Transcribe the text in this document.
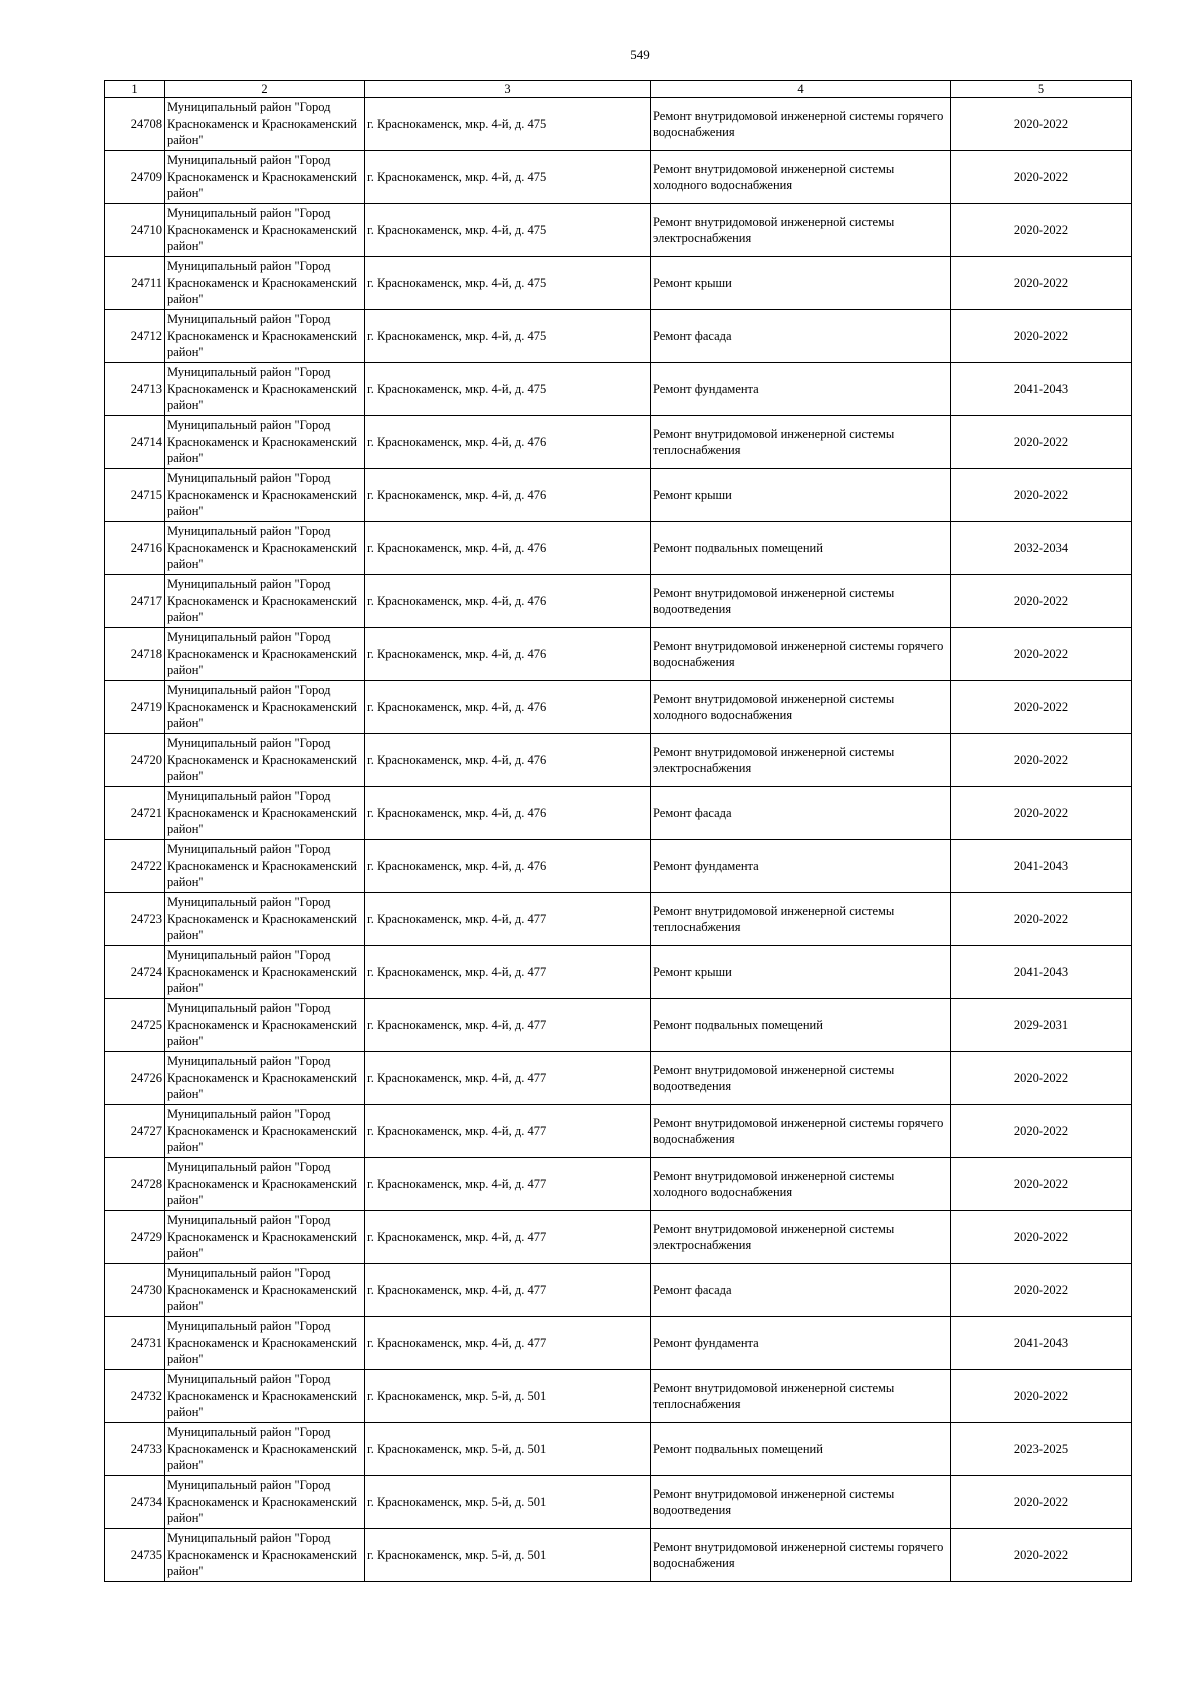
549
1	2	3	4	5
24708	Муниципальный район "Город Краснокаменск и Краснокаменский район"	г. Краснокаменск, мкр. 4-й, д. 475	Ремонт внутридомовой инженерной системы горячего водоснабжения	2020-2022
24709	Муниципальный район "Город Краснокаменск и Краснокаменский район"	г. Краснокаменск, мкр. 4-й, д. 475	Ремонт внутридомовой инженерной системы холодного водоснабжения	2020-2022
24710	Муниципальный район "Город Краснокаменск и Краснокаменский район"	г. Краснокаменск, мкр. 4-й, д. 475	Ремонт внутридомовой инженерной системы электроснабжения	2020-2022
24711	Муниципальный район "Город Краснокаменск и Краснокаменский район"	г. Краснокаменск, мкр. 4-й, д. 475	Ремонт крыши	2020-2022
24712	Муниципальный район "Город Краснокаменск и Краснокаменский район"	г. Краснокаменск, мкр. 4-й, д. 475	Ремонт фасада	2020-2022
24713	Муниципальный район "Город Краснокаменск и Краснокаменский район"	г. Краснокаменск, мкр. 4-й, д. 475	Ремонт фундамента	2041-2043
24714	Муниципальный район "Город Краснокаменск и Краснокаменский район"	г. Краснокаменск, мкр. 4-й, д. 476	Ремонт внутридомовой инженерной системы теплоснабжения	2020-2022
24715	Муниципальный район "Город Краснокаменск и Краснокаменский район"	г. Краснокаменск, мкр. 4-й, д. 476	Ремонт крыши	2020-2022
24716	Муниципальный район "Город Краснокаменск и Краснокаменский район"	г. Краснокаменск, мкр. 4-й, д. 476	Ремонт подвальных помещений	2032-2034
24717	Муниципальный район "Город Краснокаменск и Краснокаменский район"	г. Краснокаменск, мкр. 4-й, д. 476	Ремонт внутридомовой инженерной системы водоотведения	2020-2022
24718	Муниципальный район "Город Краснокаменск и Краснокаменский район"	г. Краснокаменск, мкр. 4-й, д. 476	Ремонт внутридомовой инженерной системы горячего водоснабжения	2020-2022
24719	Муниципальный район "Город Краснокаменск и Краснокаменский район"	г. Краснокаменск, мкр. 4-й, д. 476	Ремонт внутридомовой инженерной системы холодного водоснабжения	2020-2022
24720	Муниципальный район "Город Краснокаменск и Краснокаменский район"	г. Краснокаменск, мкр. 4-й, д. 476	Ремонт внутридомовой инженерной системы электроснабжения	2020-2022
24721	Муниципальный район "Город Краснокаменск и Краснокаменский район"	г. Краснокаменск, мкр. 4-й, д. 476	Ремонт фасада	2020-2022
24722	Муниципальный район "Город Краснокаменск и Краснокаменский район"	г. Краснокаменск, мкр. 4-й, д. 476	Ремонт фундамента	2041-2043
24723	Муниципальный район "Город Краснокаменск и Краснокаменский район"	г. Краснокаменск, мкр. 4-й, д. 477	Ремонт внутридомовой инженерной системы теплоснабжения	2020-2022
24724	Муниципальный район "Город Краснокаменск и Краснокаменский район"	г. Краснокаменск, мкр. 4-й, д. 477	Ремонт крыши	2041-2043
24725	Муниципальный район "Город Краснокаменск и Краснокаменский район"	г. Краснокаменск, мкр. 4-й, д. 477	Ремонт подвальных помещений	2029-2031
24726	Муниципальный район "Город Краснокаменск и Краснокаменский район"	г. Краснокаменск, мкр. 4-й, д. 477	Ремонт внутридомовой инженерной системы водоотведения	2020-2022
24727	Муниципальный район "Город Краснокаменск и Краснокаменский район"	г. Краснокаменск, мкр. 4-й, д. 477	Ремонт внутридомовой инженерной системы горячего водоснабжения	2020-2022
24728	Муниципальный район "Город Краснокаменск и Краснокаменский район"	г. Краснокаменск, мкр. 4-й, д. 477	Ремонт внутридомовой инженерной системы холодного водоснабжения	2020-2022
24729	Муниципальный район "Город Краснокаменск и Краснокаменский район"	г. Краснокаменск, мкр. 4-й, д. 477	Ремонт внутридомовой инженерной системы электроснабжения	2020-2022
24730	Муниципальный район "Город Краснокаменск и Краснокаменский район"	г. Краснокаменск, мкр. 4-й, д. 477	Ремонт фасада	2020-2022
24731	Муниципальный район "Город Краснокаменск и Краснокаменский район"	г. Краснокаменск, мкр. 4-й, д. 477	Ремонт фундамента	2041-2043
24732	Муниципальный район "Город Краснокаменск и Краснокаменский район"	г. Краснокаменск, мкр. 5-й, д. 501	Ремонт внутридомовой инженерной системы теплоснабжения	2020-2022
24733	Муниципальный район "Город Краснокаменск и Краснокаменский район"	г. Краснокаменск, мкр. 5-й, д. 501	Ремонт подвальных помещений	2023-2025
24734	Муниципальный район "Город Краснокаменск и Краснокаменский район"	г. Краснокаменск, мкр. 5-й, д. 501	Ремонт внутридомовой инженерной системы водоотведения	2020-2022
24735	Муниципальный район "Город Краснокаменск и Краснокаменский район"	г. Краснокаменск, мкр. 5-й, д. 501	Ремонт внутридомовой инженерной системы горячего водоснабжения	2020-2022
